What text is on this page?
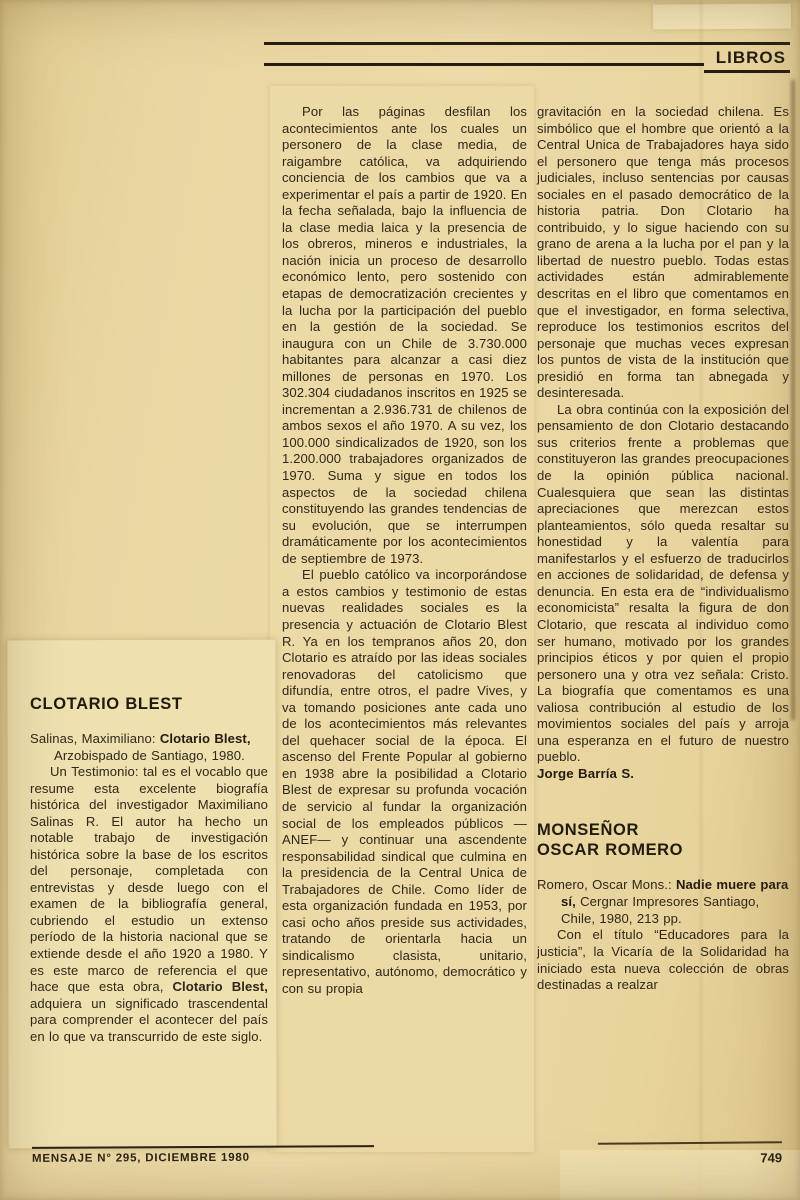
LIBROS
CLOTARIO BLEST

Salinas, Maximiliano: Clotario Blest, Arzobispado de Santiago, 1980.

Un Testimonio: tal es el vocablo que resume esta excelente biografía histórica del investigador Maximiliano Salinas R. El autor ha hecho un notable trabajo de investigación histórica sobre la base de los escritos del personaje, completada con entrevistas y desde luego con el examen de la bibliografía general, cubriendo el estudio un extenso período de la historia nacional que se extiende desde el año 1920 a 1980. Y es este marco de referencia el que hace que esta obra, Clotario Blest, adquiera un significado trascendental para comprender el acontecer del país en lo que va transcurrido de este siglo.

Por las páginas desfilan los acontecimientos ante los cuales un personero de la clase media, de raigambre católica, va adquiriendo conciencia de los cambios que va a experimentar el país a partir de 1920. En la fecha señalada, bajo la influencia de la clase media laica y la presencia de los obreros, mineros e industriales, la nación inicia un proceso de desarrollo económico lento, pero sostenido con etapas de democratización crecientes y la lucha por la participación del pueblo en la gestión de la sociedad. Se inaugura con un Chile de 3.730.000 habitantes para alcanzar a casi diez millones de personas en 1970. Los 302.304 ciudadanos inscritos en 1925 se incrementan a 2.936.731 de chilenos de ambos sexos el año 1970. A su vez, los 100.000 sindicalizados de 1920, son los 1.200.000 trabajadores organizados de 1970. Suma y sigue en todos los aspectos de la sociedad chilena constituyendo las grandes tendencias de su evolución, que se interrumpen dramáticamente por los acontecimientos de septiembre de 1973.

El pueblo católico va incorporándose a estos cambios y testimonio de estas nuevas realidades sociales es la presencia y actuación de Clotario Blest R. Ya en los tempranos años 20, don Clotario es atraído por las ideas sociales renovadoras del catolicismo que difundía, entre otros, el padre Vives, y va tomando posiciones ante cada uno de los acontecimientos más relevantes del quehacer social de la época. El ascenso del Frente Popular al gobierno en 1938 abre la posibilidad a Clotario Blest de expresar su profunda vocación de servicio al fundar la organización social de los empleados públicos —ANEF— y continuar una ascendente responsabilidad sindical que culmina en la presidencia de la Central Unica de Trabajadores de Chile. Como líder de esta organización fundada en 1953, por casi ocho años preside sus actividades, tratando de orientarla hacia un sindicalismo clasista, unitario, representativo, autónomo, democrático y con su propia

gravitación en la sociedad chilena. Es simbólico que el hombre que orientó a la Central Unica de Trabajadores haya sido el personero que tenga más procesos judiciales, incluso sentencias por causas sociales en el pasado democrático de la historia patria. Don Clotario ha contribuido, y lo sigue haciendo con su grano de arena a la lucha por el pan y la libertad de nuestro pueblo. Todas estas actividades están admirablemente descritas en el libro que comentamos en que el investigador, en forma selectiva, reproduce los testimonios escritos del personaje que muchas veces expresan los puntos de vista de la institución que presidió en forma tan abnegada y desinteresada.

La obra continúa con la exposición del pensamiento de don Clotario destacando sus criterios frente a problemas que constituyeron las grandes preocupaciones de la opinión pública nacional. Cualesquiera que sean las distintas apreciaciones que merezcan estos planteamientos, sólo queda resaltar su honestidad y la valentía para manifestarlos y el esfuerzo de traducirlos en acciones de solidaridad, de defensa y denuncia. En esta era de “individualismo economicista” resalta la figura de don Clotario, que rescata al individuo como ser humano, motivado por los grandes principios éticos y por quien el propio personero una y otra vez señala: Cristo. La biografía que comentamos es una valiosa contribución al estudio de los movimientos sociales del país y arroja una esperanza en el futuro de nuestro pueblo.

Jorge Barría S.

MONSEÑOR
OSCAR ROMERO

Romero, Oscar Mons.: Nadie muere para sí, Cergnar Impresores Santiago, Chile, 1980, 213 pp.

Con el título “Educadores para la justicia”, la Vicaría de la Solidaridad ha iniciado esta nueva colección de obras destinadas a realzar

MENSAJE N° 295, DICIEMBRE 1980	749
